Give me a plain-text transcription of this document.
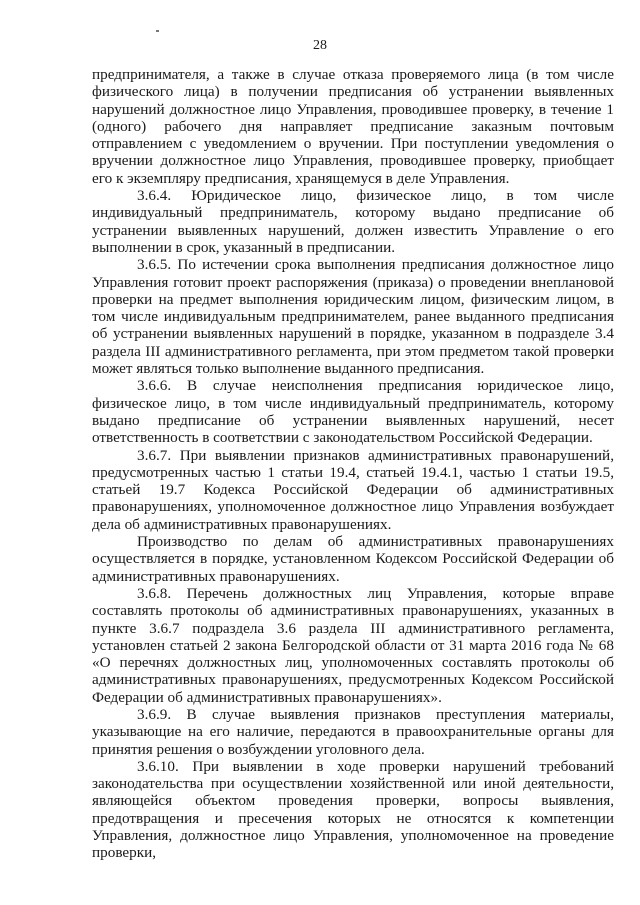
28

предпринимателя, а также в случае отказа проверяемого лица (в том числе физического лица) в получении предписания об устранении выявленных нарушений должностное лицо Управления, проводившее проверку, в течение 1 (одного) рабочего дня направляет предписание заказным почтовым отправлением с уведомлением о вручении. При поступлении уведомления о вручении должностное лицо Управления, проводившее проверку, приобщает его к экземпляру предписания, хранящемуся в деле Управления.

3.6.4. Юридическое лицо, физическое лицо, в том числе индивидуальный предприниматель, которому выдано предписание об устранении выявленных нарушений, должен известить Управление о его выполнении в срок, указанный в предписании.

3.6.5. По истечении срока выполнения предписания должностное лицо Управления готовит проект распоряжения (приказа) о проведении внеплановой проверки на предмет выполнения юридическим лицом, физическим лицом, в том числе индивидуальным предпринимателем, ранее выданного предписания об устранении выявленных нарушений в порядке, указанном в подразделе 3.4 раздела III административного регламента, при этом предметом такой проверки может являться только выполнение выданного предписания.

3.6.6. В случае неисполнения предписания юридическое лицо, физическое лицо, в том числе индивидуальный предприниматель, которому выдано предписание об устранении выявленных нарушений, несет ответственность в соответствии с законодательством Российской Федерации.

3.6.7. При выявлении признаков административных правонарушений, предусмотренных частью 1 статьи 19.4, статьей 19.4.1, частью 1 статьи 19.5, статьей 19.7 Кодекса Российской Федерации об административных правонарушениях, уполномоченное должностное лицо Управления возбуждает дела об административных правонарушениях.

Производство по делам об административных правонарушениях осуществляется в порядке, установленном Кодексом Российской Федерации об административных правонарушениях.

3.6.8. Перечень должностных лиц Управления, которые вправе составлять протоколы об административных правонарушениях, указанных в пункте 3.6.7 подраздела 3.6 раздела III административного регламента, установлен статьей 2 закона Белгородской области от 31 марта 2016 года № 68 «О перечнях должностных лиц, уполномоченных составлять протоколы об административных правонарушениях, предусмотренных Кодексом Российской Федерации об административных правонарушениях».

3.6.9. В случае выявления признаков преступления материалы, указывающие на его наличие, передаются в правоохранительные органы для принятия решения о возбуждении уголовного дела.

3.6.10. При выявлении в ходе проверки нарушений требований законодательства при осуществлении хозяйственной или иной деятельности, являющейся объектом проведения проверки, вопросы выявления, предотвращения и пресечения которых не относятся к компетенции Управления, должностное лицо Управления, уполномоченное на проведение проверки,
